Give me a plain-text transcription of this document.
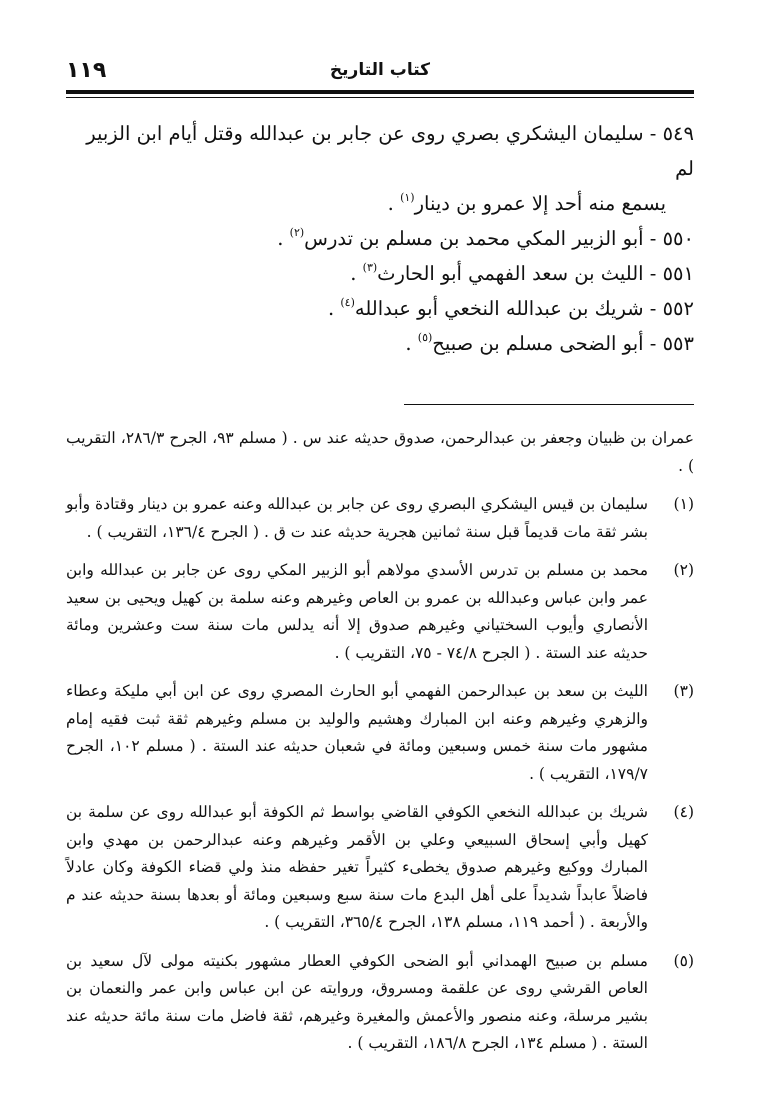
١١٩	كتاب التاريخ

٥٤٩ - سليمان اليشكري بصري روى عن جابر بن عبدالله وقتل أيام ابن الزبير لم

يسمع منه أحد إلا عمرو بن دينار$^{(١)}$ .

٥٥٠ - أبو الزبير المكي محمد بن مسلم بن تدرس$^{(٢)}$ .

٥٥١ - الليث بن سعد الفهمي أبو الحارث$^{(٣)}$ .

٥٥٢ - شريك بن عبدالله النخعي أبو عبدالله$^{(٤)}$ .

٥٥٣ - أبو الضحى مسلم بن صبيح$^{(٥)}$ .

عمران بن ظبيان وجعفر بن عبدالرحمن، صدوق حديثه عند س . ( مسلم ٩٣، الجرح ٢٨٦/٣، التقريب ) .

(١)
سليمان بن قيس اليشكري البصري روى عن جابر بن عبدالله وعنه عمرو بن دينار وقتادة وأبو بشر ثقة مات قديماً قبل سنة ثمانين هجرية حديثه عند ت ق . ( الجرح ١٣٦/٤، التقريب ) .

(٢)
محمد بن مسلم بن تدرس الأسدي مولاهم أبو الزبير المكي روى عن جابر بن عبدالله وابن عمر وابن عباس وعبدالله بن عمرو بن العاص وغيرهم وعنه سلمة بن كهيل ويحيى بن سعيد الأنصاري وأيوب السختياني وغيرهم صدوق إلا أنه يدلس مات سنة ست وعشرين ومائة حديثه عند الستة . ( الجرح ٧٤/٨ - ٧٥، التقريب ) .

(٣)
الليث بن سعد بن عبدالرحمن الفهمي أبو الحارث المصري روى عن ابن أبي مليكة وعطاء والزهري وغيرهم وعنه ابن المبارك وهشيم والوليد بن مسلم وغيرهم ثقة ثبت فقيه إمام مشهور مات سنة خمس وسبعين ومائة في شعبان حديثه عند الستة . ( مسلم ١٠٢، الجرح ١٧٩/٧، التقريب ) .

(٤)
شريك بن عبدالله النخعي الكوفي القاضي بواسط ثم الكوفة أبو عبدالله روى عن سلمة بن كهيل وأبي إسحاق السبيعي وعلي بن الأقمر وغيرهم وعنه عبدالرحمن بن مهدي وابن المبارك ووكيع وغيرهم صدوق يخطىء كثيراً تغير حفظه منذ ولي قضاء الكوفة وكان عادلاً فاضلاً عابداً شديداً على أهل البدع مات سنة سبع وسبعين ومائة أو بعدها بسنة حديثه عند م والأربعة . ( أحمد ١١٩، مسلم ١٣٨، الجرح ٣٦٥/٤، التقريب ) .

(٥)
مسلم بن صبيح الهمداني أبو الضحى الكوفي العطار مشهور بكنيته مولى لآل سعيد بن العاص القرشي روى عن علقمة ومسروق، وروايته عن ابن عباس وابن عمر والنعمان بن بشير مرسلة، وعنه منصور والأعمش والمغيرة وغيرهم، ثقة فاضل مات سنة مائة حديثه عند الستة . ( مسلم ١٣٤، الجرح ١٨٦/٨، التقريب ) .
